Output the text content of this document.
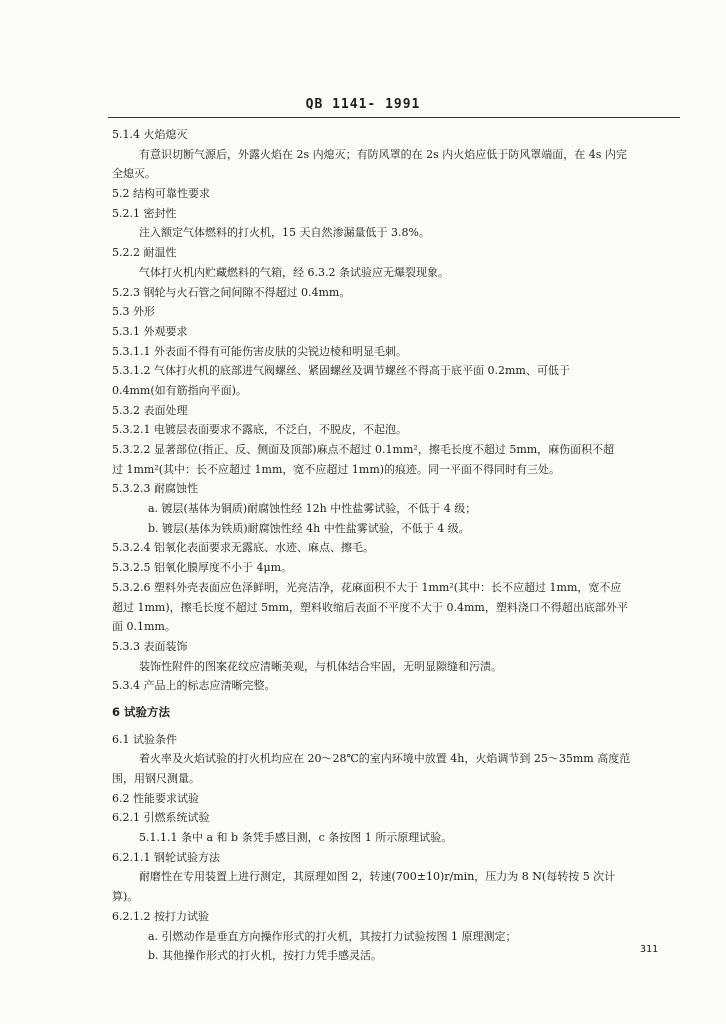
QB 1141- 1991
5.1.4 火焰熄灭
有意识切断气源后，外露火焰在 2s 内熄灭；有防风罩的在 2s 内火焰应低于防风罩端面，在 4s 内完
全熄灭。
5.2 结构可靠性要求
5.2.1 密封性
注入额定气体燃料的打火机，15 天自然渗漏量低于 3.8%。
5.2.2 耐温性
气体打火机内贮藏燃料的气箱，经 6.3.2 条试验应无爆裂现象。
5.2.3 钢轮与火石管之间间隙不得超过 0.4mm。
5.3 外形
5.3.1 外观要求
5.3.1.1 外表面不得有可能伤害皮肤的尖锐边棱和明显毛刺。
5.3.1.2 气体打火机的底部进气阀螺丝、紧固螺丝及调节螺丝不得高于底平面 0.2mm、可低于
0.4mm(如有筋指向平面)。
5.3.2 表面处理
5.3.2.1 电镀层表面要求不露底，不泛白，不脱皮，不起泡。
5.3.2.2 显著部位(指正、反、侧面及顶部)麻点不超过 0.1mm²，擦毛长度不超过 5mm，麻伤面积不超
过 1mm²(其中：长不应超过 1mm，宽不应超过 1mm)的痕迹。同一平面不得同时有三处。
5.3.2.3 耐腐蚀性
a. 镀层(基体为铜质)耐腐蚀性经 12h 中性盐雾试验，不低于 4 级；
b. 镀层(基体为铁质)耐腐蚀性经 4h 中性盐雾试验，不低于 4 级。
5.3.2.4 铝氧化表面要求无露底、水迹、麻点、擦毛。
5.3.2.5 铝氧化膜厚度不小于 4μm。
5.3.2.6 塑料外壳表面应色泽鲜明，光亮洁净，花麻面积不大于 1mm²(其中：长不应超过 1mm，宽不应
超过 1mm)，擦毛长度不超过 5mm，塑料收缩后表面不平度不大于 0.4mm，塑料浇口不得超出底部外平
面 0.1mm。
5.3.3 表面装饰
装饰性附件的图案花纹应清晰美观，与机体结合牢固，无明显隙缝和污渍。
5.3.4 产品上的标志应清晰完整。
6 试验方法
6.1 试验条件
着火率及火焰试验的打火机均应在 20～28℃的室内环境中放置 4h，火焰调节到 25～35mm 高度范
围，用钢尺测量。
6.2 性能要求试验
6.2.1 引燃系统试验
5.1.1.1 条中 a 和 b 条凭手感目测，c 条按图 1 所示原理试验。
6.2.1.1 钢轮试验方法
耐磨性在专用装置上进行测定，其原理如图 2，转速(700±10)r/min，压力为 8 N(每转按 5 次计
算)。
6.2.1.2 按打力试验
a. 引燃动作是垂直方向操作形式的打火机，其按打力试验按图 1 原理测定；
b. 其他操作形式的打火机，按打力凭手感灵活。	311
